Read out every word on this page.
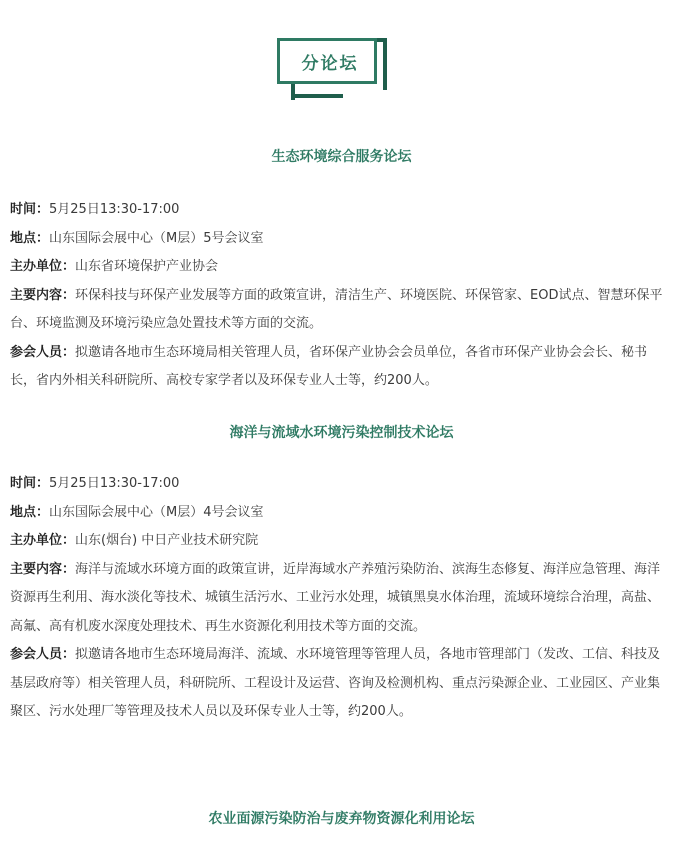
分论坛
生态环境综合服务论坛

时间：5月25日13:30-17:00

地点：山东国际会展中心（M层）5号会议室

主办单位：山东省环境保护产业协会

主要内容：环保科技与环保产业发展等方面的政策宣讲，清洁生产、环境医院、环保管家、EOD试点、智慧环保平台、环境监测及环境污染应急处置技术等方面的交流。

参会人员：拟邀请各地市生态环境局相关管理人员，省环保产业协会会员单位，各省市环保产业协会会长、秘书长，省内外相关科研院所、高校专家学者以及环保专业人士等，约200人。

海洋与流域水环境污染控制技术论坛

时间：5月25日13:30-17:00

地点：山东国际会展中心（M层）4号会议室

主办单位：山东(烟台) 中日产业技术研究院

主要内容：海洋与流域水环境方面的政策宣讲，近岸海域水产养殖污染防治、滨海生态修复、海洋应急管理、海洋资源再生利用、海水淡化等技术、城镇生活污水、工业污水处理，城镇黑臭水体治理，流域环境综合治理，高盐、高氟、高有机废水深度处理技术、再生水资源化利用技术等方面的交流。

参会人员：拟邀请各地市生态环境局海洋、流域、水环境管理等管理人员，各地市管理部门（发改、工信、科技及基层政府等）相关管理人员，科研院所、工程设计及运营、咨询及检测机构、重点污染源企业、工业园区、产业集聚区、污水处理厂等管理及技术人员以及环保专业人士等，约200人。

农业面源污染防治与废弃物资源化利用论坛
